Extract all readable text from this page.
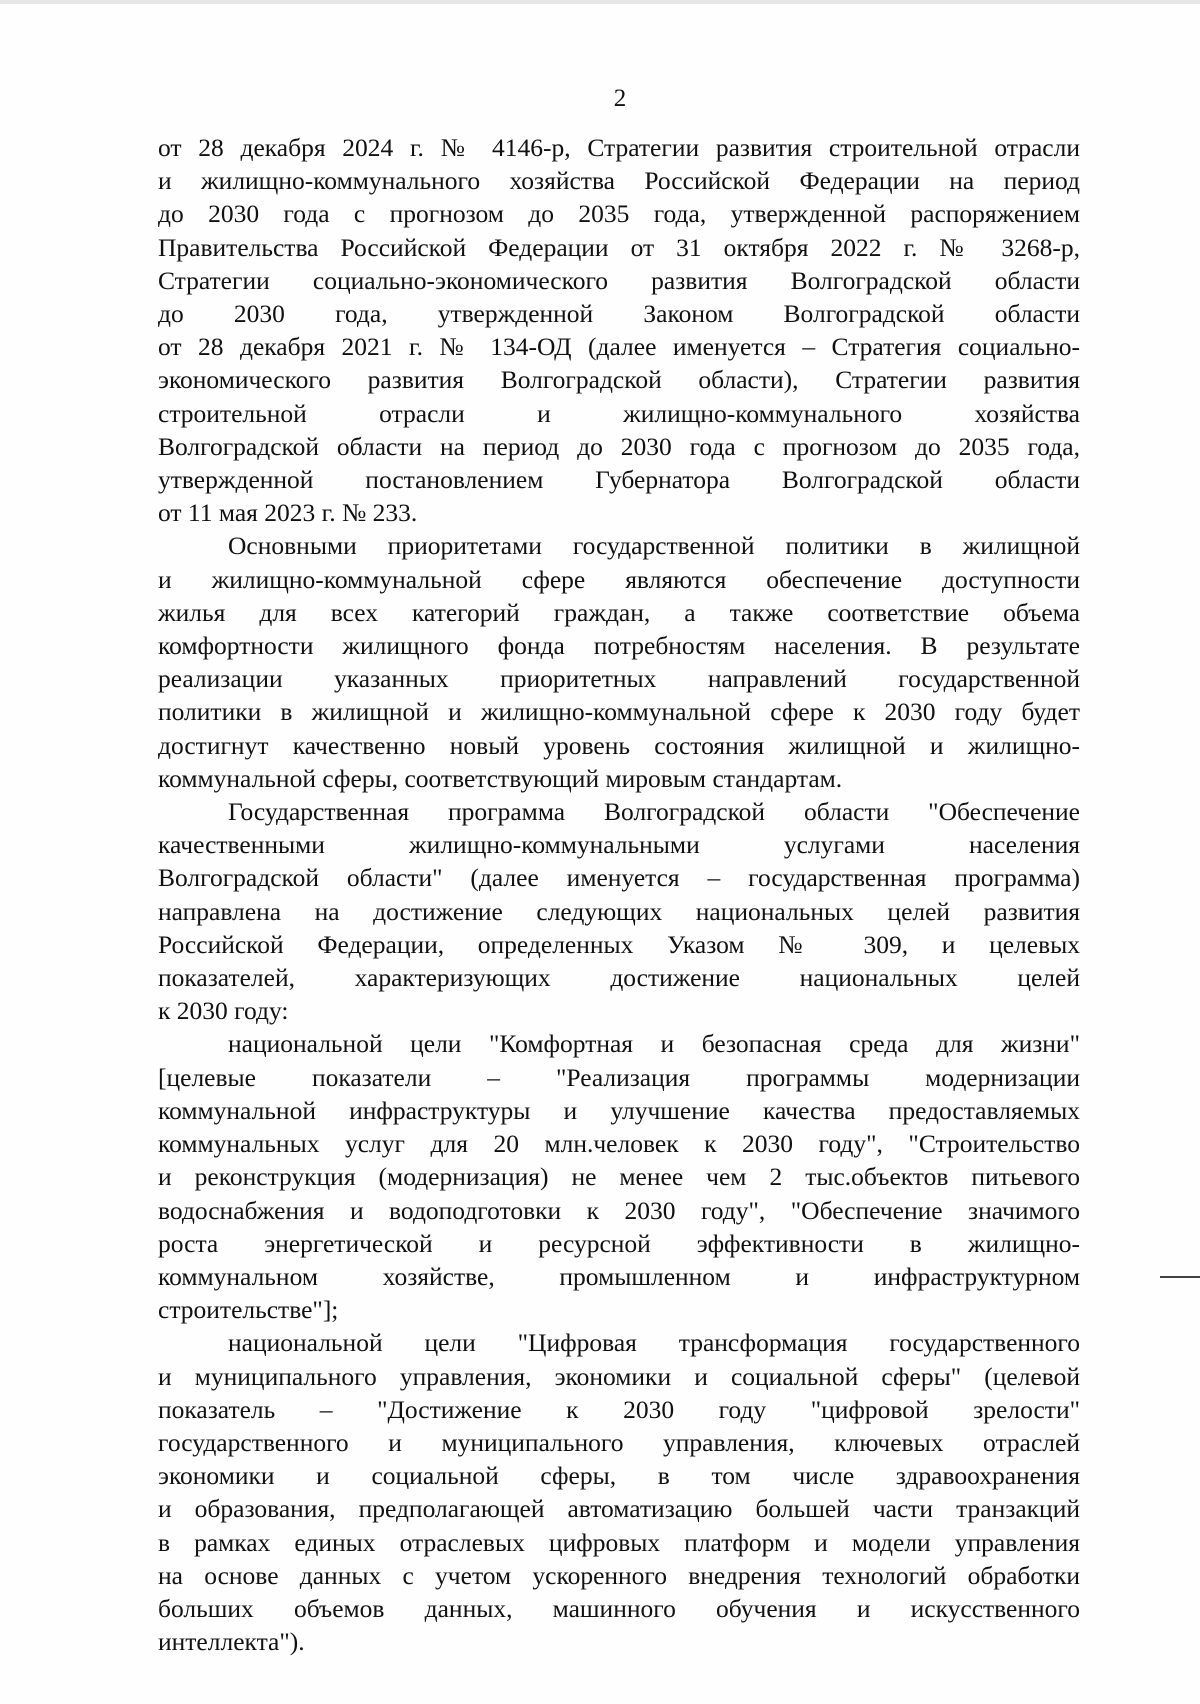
2

от 28 декабря 2024 г. № 4146-р, Стратегии развития строительной отрасли
и жилищно-коммунального хозяйства Российской Федерации на период
до 2030 года с прогнозом до 2035 года, утвержденной распоряжением
Правительства Российской Федерации от 31 октября 2022 г. № 3268-р,
Стратегии социально-экономического развития Волгоградской области
до 2030 года, утвержденной Законом Волгоградской области
от 28 декабря 2021 г. № 134-ОД (далее именуется – Стратегия социально-
экономического развития Волгоградской области), Стратегии развития
строительной отрасли и жилищно-коммунального хозяйства
Волгоградской области на период до 2030 года с прогнозом до 2035 года,
утвержденной постановлением Губернатора Волгоградской области
от 11 мая 2023 г. № 233.

Основными приоритетами государственной политики в жилищной
и жилищно-коммунальной сфере являются обеспечение доступности
жилья для всех категорий граждан, а также соответствие объема
комфортности жилищного фонда потребностям населения. В результате
реализации указанных приоритетных направлений государственной
политики в жилищной и жилищно-коммунальной сфере к 2030 году будет
достигнут качественно новый уровень состояния жилищной и жилищно-
коммунальной сферы, соответствующий мировым стандартам.

Государственная программа Волгоградской области "Обеспечение
качественными жилищно-коммунальными услугами населения
Волгоградской области" (далее именуется – государственная программа)
направлена на достижение следующих национальных целей развития
Российской Федерации, определенных Указом № 309, и целевых
показателей, характеризующих достижение национальных целей
к 2030 году:

национальной цели "Комфортная и безопасная среда для жизни"
[целевые показатели – "Реализация программы модернизации
коммунальной инфраструктуры и улучшение качества предоставляемых
коммунальных услуг для 20 млн.человек к 2030 году", "Строительство
и реконструкция (модернизация) не менее чем 2 тыс.объектов питьевого
водоснабжения и водоподготовки к 2030 году", "Обеспечение значимого
роста энергетической и ресурсной эффективности в жилищно-
коммунальном хозяйстве, промышленном и инфраструктурном
строительстве"];

национальной цели "Цифровая трансформация государственного
и муниципального управления, экономики и социальной сферы" (целевой
показатель – "Достижение к 2030 году "цифровой зрелости"
государственного и муниципального управления, ключевых отраслей
экономики и социальной сферы, в том числе здравоохранения
и образования, предполагающей автоматизацию большей части транзакций
в рамках единых отраслевых цифровых платформ и модели управления
на основе данных с учетом ускоренного внедрения технологий обработки
больших объемов данных, машинного обучения и искусственного
интеллекта").
